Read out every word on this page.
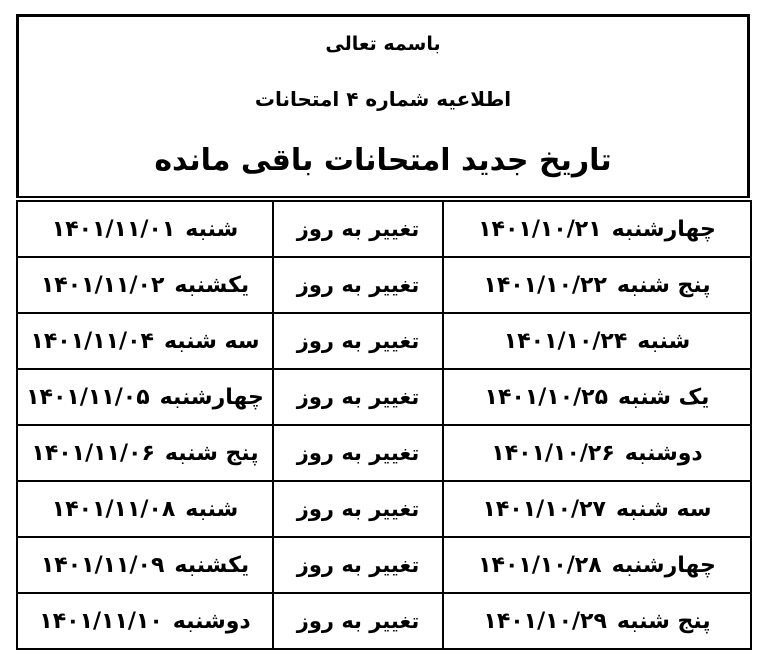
باسمه تعالی
اطلاعیه شماره ۴ امتحانات
تاریخ جدید امتحانات باقی مانده
چهارشنبه۱۴۰۱/۱۰/۲۱	تغییر به روز	شنبه۱۴۰۱/۱۱/۰۱
پنج شنبه۱۴۰۱/۱۰/۲۲	تغییر به روز	یکشنبه۱۴۰۱/۱۱/۰۲
شنبه۱۴۰۱/۱۰/۲۴	تغییر به روز	سه شنبه۱۴۰۱/۱۱/۰۴
یک شنبه۱۴۰۱/۱۰/۲۵	تغییر به روز	چهارشنبه۱۴۰۱/۱۱/۰۵
دوشنبه۱۴۰۱/۱۰/۲۶	تغییر به روز	پنج شنبه۱۴۰۱/۱۱/۰۶
سه شنبه۱۴۰۱/۱۰/۲۷	تغییر به روز	شنبه۱۴۰۱/۱۱/۰۸
چهارشنبه۱۴۰۱/۱۰/۲۸	تغییر به روز	یکشنبه۱۴۰۱/۱۱/۰۹
پنج شنبه۱۴۰۱/۱۰/۲۹	تغییر به روز	دوشنبه۱۴۰۱/۱۱/۱۰
